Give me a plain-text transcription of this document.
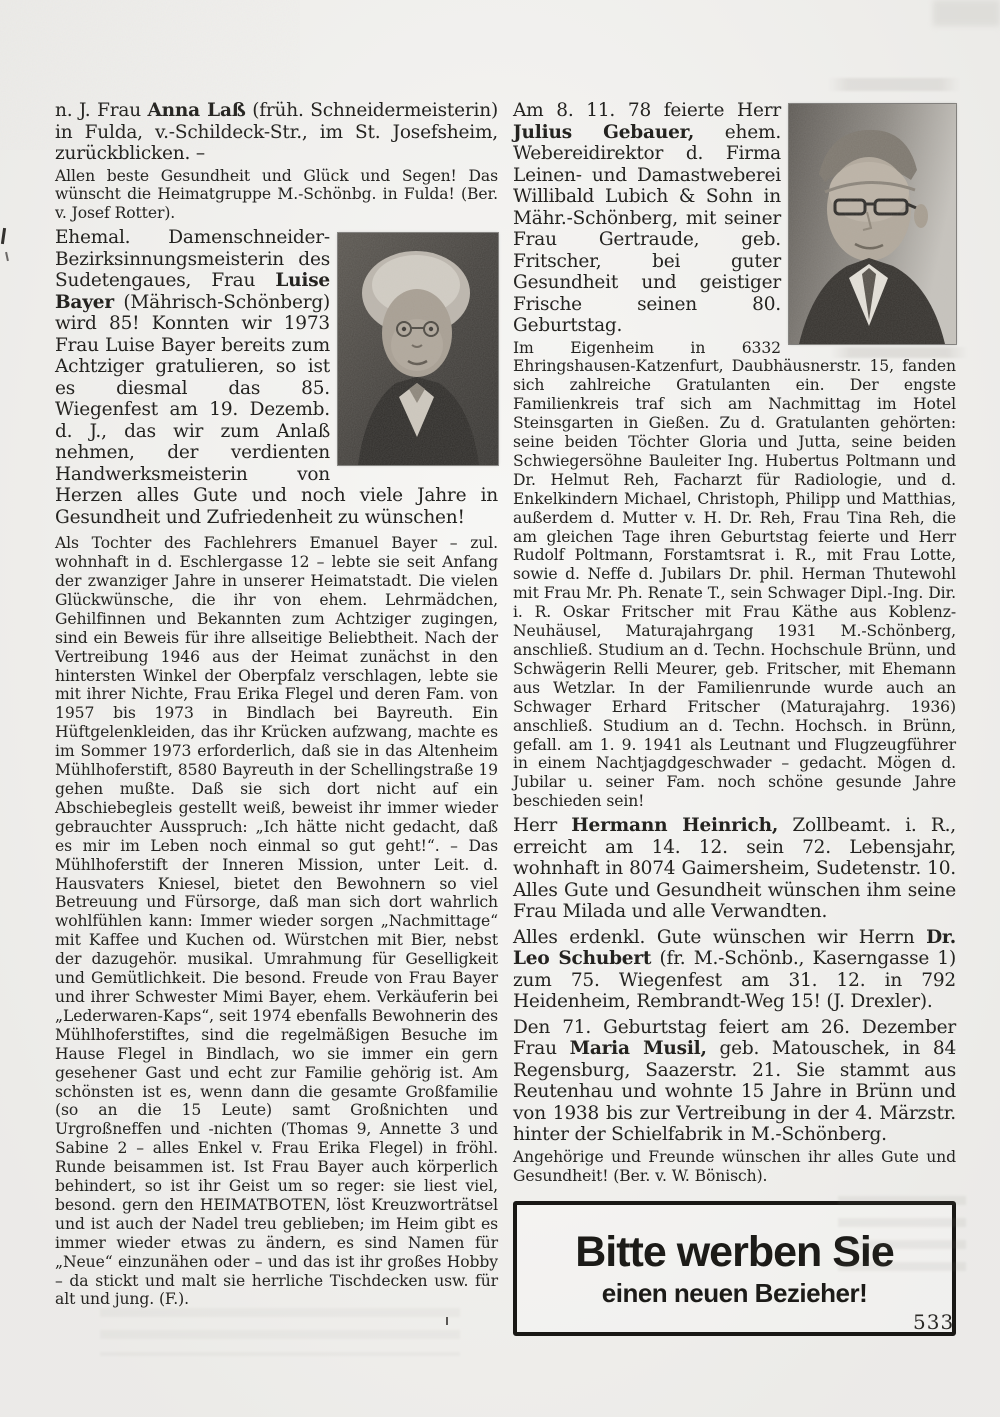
n. J. Frau Anna Laß (früh. Schneidermeisterin) in Fulda, v.-Schildeck-Str., im St. Josefsheim, zurückblicken. –

Allen beste Gesundheit und Glück und Segen! Das wünscht die Heimatgruppe M.-Schönbg. in Fulda! (Ber. v. Josef Rotter).

Ehemal. Damenschneider-Bezirksinnungsmeisterin des Sudetengaues, Frau Luise Bayer (Mährisch-Schönberg) wird 85! Konnten wir 1973 Frau Luise Bayer bereits zum Achtziger gratulieren, so ist es diesmal das 85. Wiegenfest am 19. Dezemb. d. J., das wir zum Anlaß nehmen, der verdienten Handwerksmeisterin von Herzen alles Gute und noch viele Jahre in Gesundheit und Zufriedenheit zu wünschen!

Als Tochter des Fachlehrers Emanuel Bayer – zul. wohnhaft in d. Eschlergasse 12 – lebte sie seit Anfang der zwanziger Jahre in unserer Heimatstadt. Die vielen Glückwünsche, die ihr von ehem. Lehrmädchen, Gehilfinnen und Bekannten zum Achtziger zugingen, sind ein Beweis für ihre allseitige Beliebtheit. Nach der Vertreibung 1946 aus der Heimat zunächst in den hintersten Winkel der Oberpfalz verschlagen, lebte sie mit ihrer Nichte, Frau Erika Flegel und deren Fam. von 1957 bis 1973 in Bindlach bei Bayreuth. Ein Hüftgelenkleiden, das ihr Krücken aufzwang, machte es im Sommer 1973 erforderlich, daß sie in das Altenheim Mühlhoferstift, 8580 Bayreuth in der Schellingstraße 19 gehen mußte. Daß sie sich dort nicht auf ein Abschiebegleis gestellt weiß, beweist ihr immer wieder gebrauchter Ausspruch: „Ich hätte nicht gedacht, daß es mir im Leben noch einmal so gut geht!“. – Das Mühlhoferstift der Inneren Mission, unter Leit. d. Hausvaters Kniesel, bietet den Bewohnern so viel Betreuung und Fürsorge, daß man sich dort wahrlich wohlfühlen kann: Immer wieder sorgen „Nachmittage“ mit Kaffee und Kuchen od. Würstchen mit Bier, nebst der dazugehör. musikal. Umrahmung für Geselligkeit und Gemütlichkeit. Die besond. Freude von Frau Bayer und ihrer Schwester Mimi Bayer, ehem. Verkäuferin bei „Lederwaren-Kaps“, seit 1974 ebenfalls Bewohnerin des Mühlhoferstiftes, sind die regelmäßigen Besuche im Hause Flegel in Bindlach, wo sie immer ein gern gesehener Gast und echt zur Familie gehörig ist. Am schönsten ist es, wenn dann die gesamte Großfamilie (so an die 15 Leute) samt Großnichten und Urgroßneffen und -nichten (Thomas 9, Annette 3 und Sabine 2 – alles Enkel v. Frau Erika Flegel) in fröhl. Runde beisammen ist. Ist Frau Bayer auch körperlich behindert, so ist ihr Geist um so reger: sie liest viel, besond. gern den HEIMATBOTEN, löst Kreuzworträtsel und ist auch der Nadel treu geblieben; im Heim gibt es immer wieder etwas zu ändern, es sind Namen für „Neue“ einzunähen oder – und das ist ihr großes Hobby – da stickt und malt sie herrliche Tischdecken usw. für alt und jung. (F.).

Am 8. 11. 78 feierte Herr Julius Gebauer, ehem. Webereidirektor d. Firma Leinen- und Damastweberei Willibald Lubich & Sohn in Mähr.-Schönberg, mit seiner Frau Gertraude, geb. Fritscher, bei guter Gesundheit und geistiger Frische seinen 80. Geburtstag.

Im Eigenheim in 6332 Ehringshausen-Katzenfurt, Daubhäusnerstr. 15, fanden sich zahlreiche Gratulanten ein. Der engste Familienkreis traf sich am Nachmittag im Hotel Steinsgarten in Gießen. Zu d. Gratulanten gehörten: seine beiden Töchter Gloria und Jutta, seine beiden Schwiegersöhne Bauleiter Ing. Hubertus Poltmann und Dr. Helmut Reh, Facharzt für Radiologie, und d. Enkelkindern Michael, Christoph, Philipp und Matthias, außerdem d. Mutter v. H. Dr. Reh, Frau Tina Reh, die am gleichen Tage ihren Geburtstag feierte und Herr Rudolf Poltmann, Forstamtsrat i. R., mit Frau Lotte, sowie d. Neffe d. Jubilars Dr. phil. Herman Thutewohl mit Frau Mr. Ph. Renate T., sein Schwager Dipl.-Ing. Dir. i. R. Oskar Fritscher mit Frau Käthe aus Koblenz-Neuhäusel, Maturajahrgang 1931 M.-Schönberg, anschließ. Studium an d. Techn. Hochschule Brünn, und Schwägerin Relli Meurer, geb. Fritscher, mit Ehemann aus Wetzlar. In der Familienrunde wurde auch an Schwager Erhard Fritscher (Maturajahrg. 1936) anschließ. Studium an d. Techn. Hochsch. in Brünn, gefall. am 1. 9. 1941 als Leutnant und Flugzeugführer in einem Nachtjagdgeschwader – gedacht. Mögen d. Jubilar u. seiner Fam. noch schöne gesunde Jahre beschieden sein!

Herr Hermann Heinrich, Zollbeamt. i. R., erreicht am 14. 12. sein 72. Lebensjahr, wohnhaft in 8074 Gaimersheim, Sudetenstr. 10. Alles Gute und Gesundheit wünschen ihm seine Frau Milada und alle Verwandten.

Alles erdenkl. Gute wünschen wir Herrn Dr. Leo Schubert (fr. M.-Schönb., Kaserngasse 1) zum 75. Wiegenfest am 31. 12. in 792 Heidenheim, Rembrandt-Weg 15! (J. Drexler).

Den 71. Geburtstag feiert am 26. Dezember Frau Maria Musil, geb. Matouschek, in 84 Regensburg, Saazerstr. 21. Sie stammt aus Reutenhau und wohnte 15 Jahre in Brünn und von 1938 bis zur Vertreibung in der 4. Märzstr. hinter der Schielfabrik in M.-Schönberg.

Angehörige und Freunde wünschen ihr alles Gute und Gesundheit! (Ber. v. W. Bönisch).

Bitte werben Sie
einen neuen Bezieher!
533
